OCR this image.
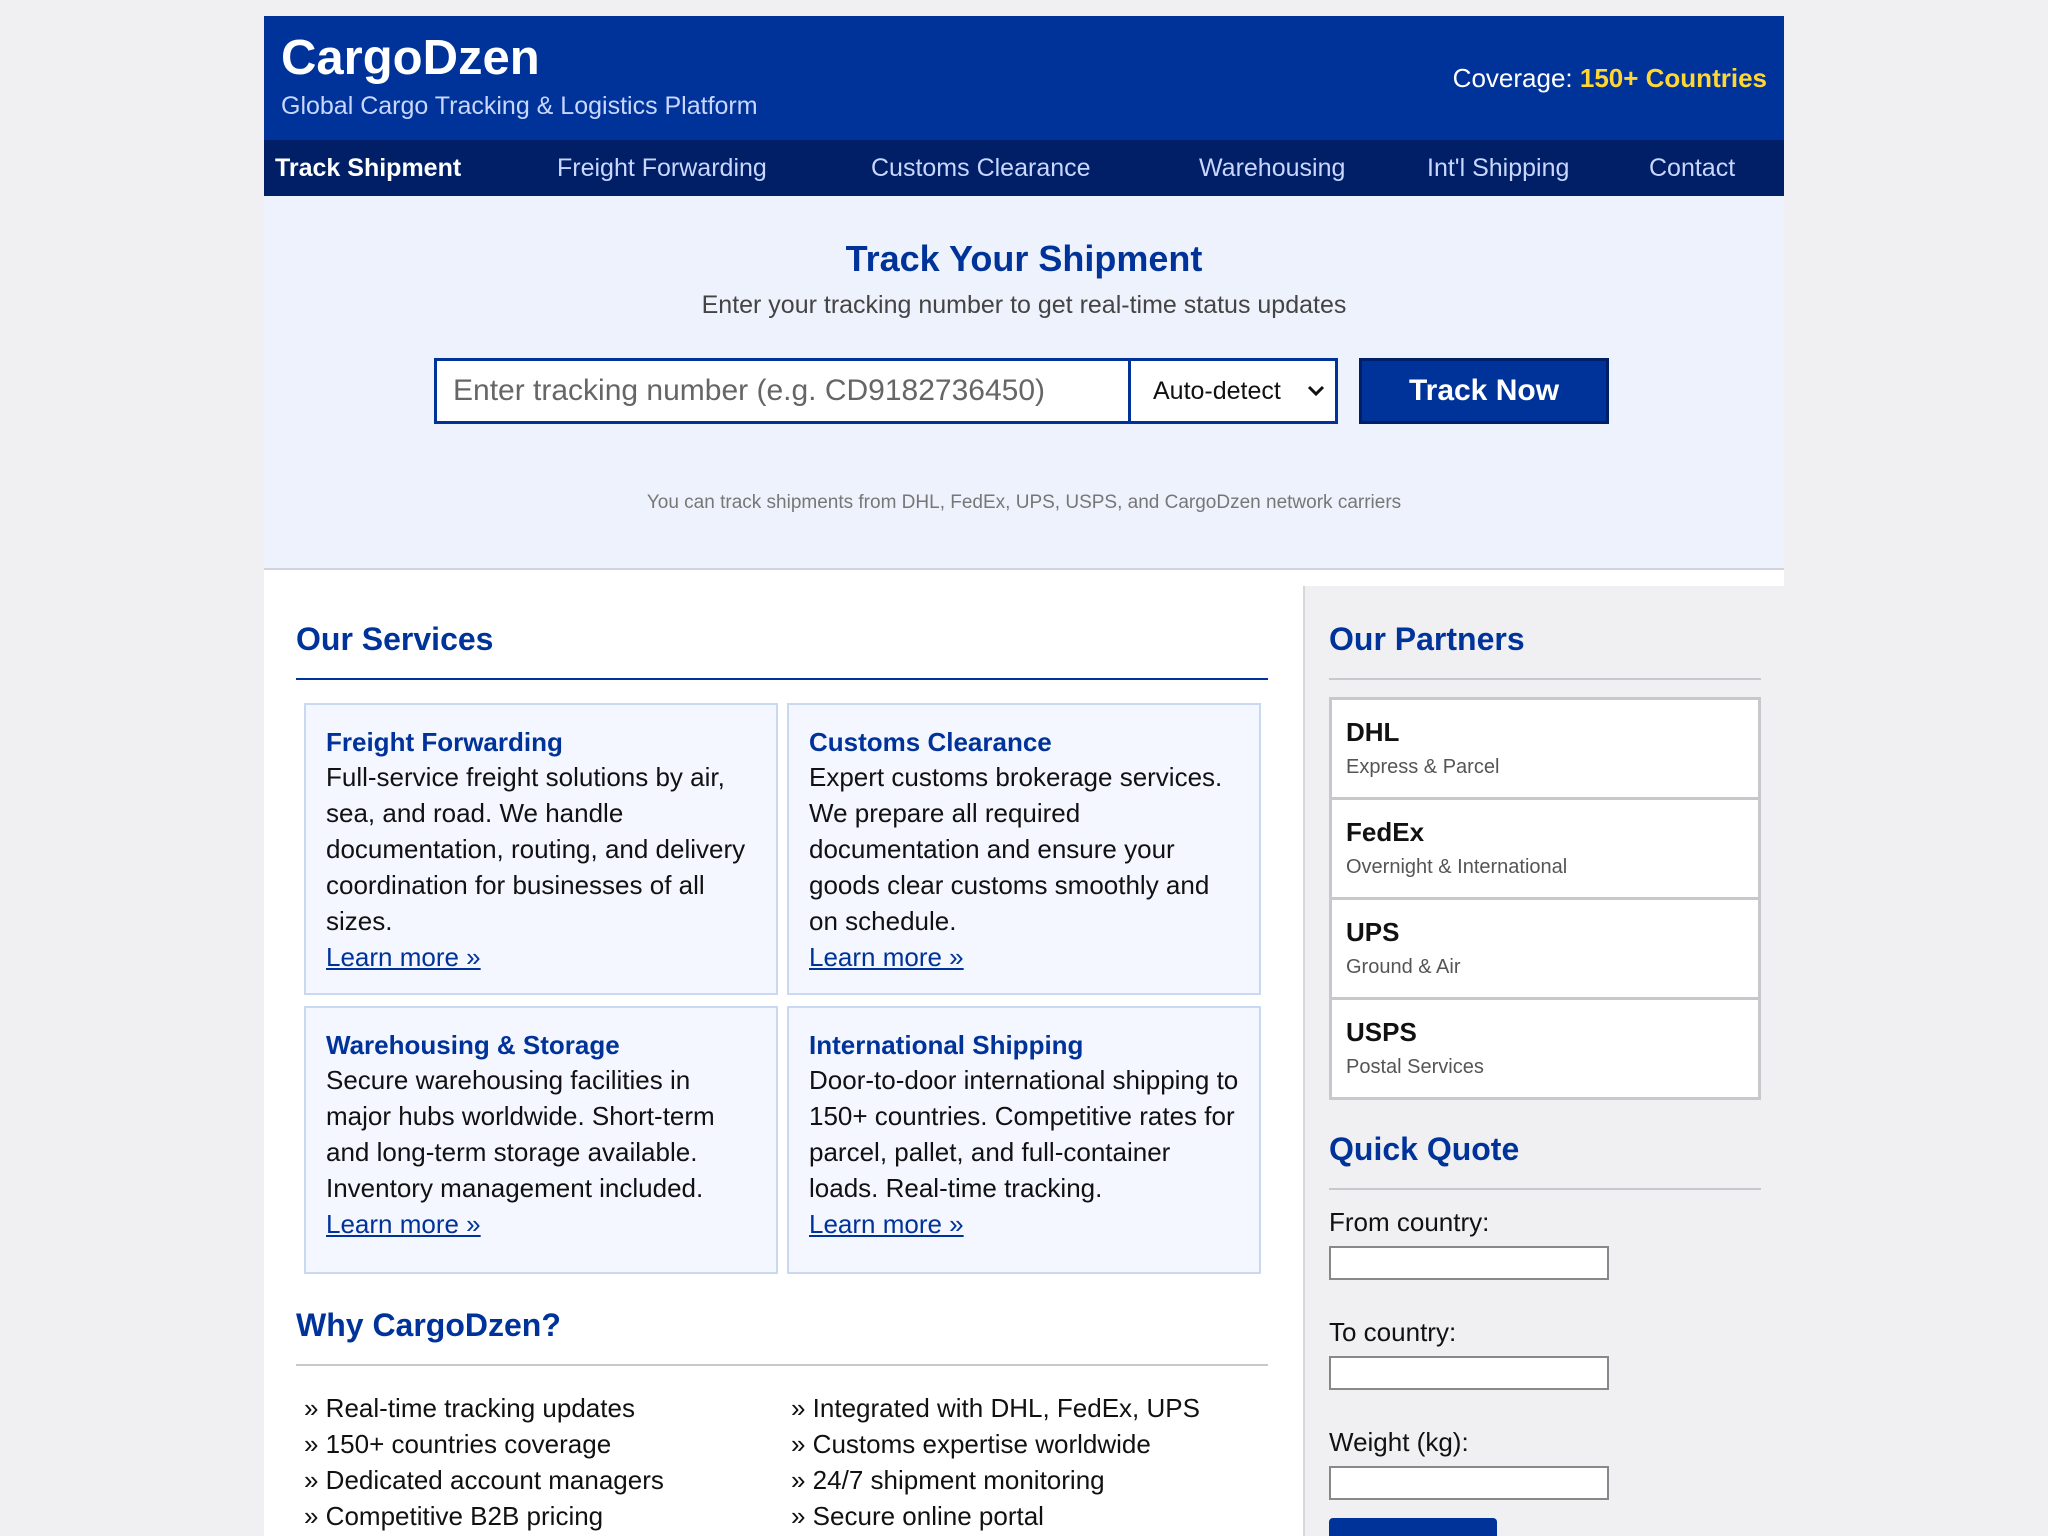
CargoDzen
Global Cargo Tracking & Logistics Platform
Coverage: 150+ Countries
Track Shipment	Freight Forwarding	Customs Clearance	Warehousing	Int'l Shipping	Contact
Track Your Shipment
Enter your tracking number to get real-time status updates
Enter tracking number (e.g. CD9182736450)
Auto-detect	Track Now
You can track shipments from DHL, FedEx, UPS, USPS, and CargoDzen network carriers
Our Services
Freight Forwarding
Full-service freight solutions by air,
sea, and road. We handle
documentation, routing, and delivery
coordination for businesses of all
sizes.
Learn more »
Customs Clearance
Expert customs brokerage services.
We prepare all required
documentation and ensure your
goods clear customs smoothly and
on schedule.
Learn more »
Warehousing & Storage
Secure warehousing facilities in
major hubs worldwide. Short-term
and long-term storage available.
Inventory management included.
Learn more »
International Shipping
Door-to-door international shipping to
150+ countries. Competitive rates for
parcel, pallet, and full-container
loads. Real-time tracking.
Learn more »
Why CargoDzen?
» Real-time tracking updates
» 150+ countries coverage
» Dedicated account managers
» Competitive B2B pricing
» Integrated with DHL, FedEx, UPS
» Customs expertise worldwide
» 24/7 shipment monitoring
» Secure online portal
Our Partners
DHL
Express & Parcel
FedEx
Overnight & International
UPS
Ground & Air
USPS
Postal Services
Quick Quote
From country:
To country:
Weight (kg):
